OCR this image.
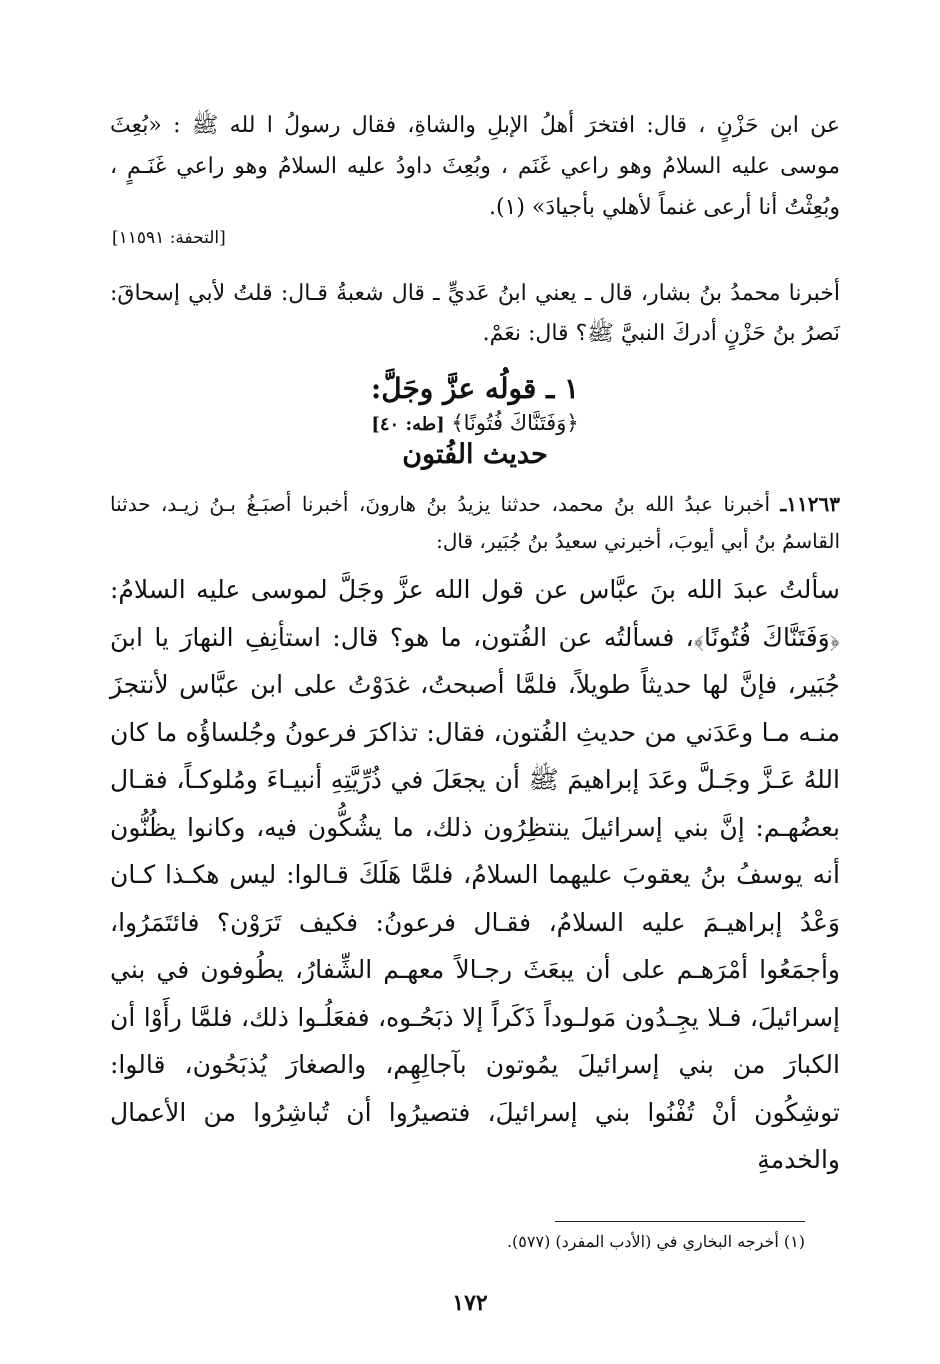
عن ابن حَزْنٍ ، قال: افتخرَ أهلُ الإبلِ والشاةِ، فقال رسولُ ا لله ﷺ : «بُعِثَ موسى عليه السلامُ وهو راعي غَنَم ، وبُعِثَ داودُ عليه السلامُ وهو راعي غَنَـمٍ ، وبُعِثْتُ أنا أرعى غنماً لأهلي بأجيادَ» (١).

[التحفة: ١١٥٩١]

أخبرنا محمدُ بنُ بشار، قال ـ يعني ابنُ عَديٍّ ـ قال شعبةُ قـال: قلتُ لأبي إسحاقَ: نَصرُ بنُ حَزْنٍ أدركَ النبيَّ ﷺ؟ قال: نعَمْ.

١ ـ قولُه عزَّ وجَلَّ:
﴿وَفَتَنَّاكَ فُتُونًا﴾ [طه: ٤٠]
حديث الفُتون

١١٢٦٣ـ أخبرنا عبدُ الله بنُ محمد، حدثنا يزيدُ بنُ هارونَ، أخبرنا أصبَـغُ بـنُ زيـد، حدثنا القاسمُ بنُ أبي أيوبَ، أخبرني سعيدُ بنُ جُبَير، قال:

سألتُ عبدَ الله بنَ عبَّاس عن قول الله عزَّ وجَلَّ لموسى عليه السلامُ: ﴿وَفَتَنَّاكَ فُتُونًا﴾، فسألتُه عن الفُتون، ما هو؟ قال: استأنِفِ النهارَ يا ابنَ جُبَير، فإنَّ لها حديثاً طويلاً، فلمَّا أصبحتُ، غدَوْتُ على ابن عبَّاس لأنتجزَ منـه مـا وعَدَني من حديثِ الفُتون، فقال: تذاكرَ فرعونُ وجُلساؤُه ما كان اللهُ عَـزَّ وجَـلَّ وعَدَ إبراهيمَ ﷺ أن يجعَلَ في ذُرِّيَّتِهِ أنبيـاءَ ومُلوكـاً، فقـال بعضُهـم: إنَّ بني إسرائيلَ ينتظِرُون ذلك، ما يشُكُّون فيه، وكانوا يظُنُّون أنه يوسفُ بنُ يعقوبَ عليهما السلامُ، فلمَّا هَلَكَ قـالوا: ليس هكـذا كـان وَعْدُ إبراهيـمَ عليه السلامُ، فقـال فرعونُ: فكيف تَرَوْن؟ فائتَمَرُوا، وأجمَعُوا أمْرَهـم على أن يبعَثَ رجـالاً معهـم الشِّفارُ، يطُوفون في بني إسرائيلَ، فـلا يجِـدُون مَولـوداً ذَكَراً إلا ذبَحُـوه، ففعَلُـوا ذلك، فلمَّا رأَوْا أن الكبارَ من بني إسرائيلَ يمُوتون بآجالِهِم، والصغارَ يُذبَحُون، قالوا: توشِكُون أنْ تُفْنُوا بني إسرائيلَ، فتصيرُوا أن تُباشِرُوا من الأعمال والخدمةِ

(١) أخرجه البخاري في (الأدب المفرد) (٥٧٧).
١٧٢
